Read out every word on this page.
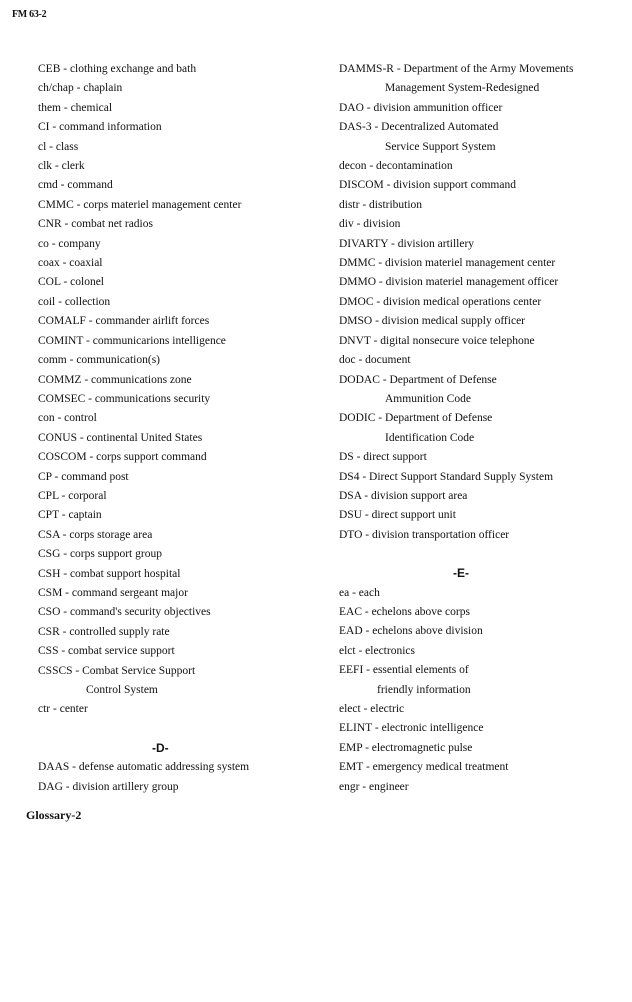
FM 63-2
CEB - clothing exchange and bath
ch/chap - chaplain
them - chemical
CI - command information
cl - class
clk - clerk
cmd - command
CMMC - corps materiel management center
CNR - combat net radios
co - company
coax - coaxial
COL - colonel
coil - collection
COMALF - commander airlift forces
COMINT - communicarions intelligence
comm - communication(s)
COMMZ - communications zone
COMSEC - communications security
con - control
CONUS - continental United States
COSCOM - corps support command
CP - command post
CPL - corporal
CPT - captain
CSA - corps storage area
CSG - corps support group
CSH - combat support hospital
CSM - command sergeant major
CSO - command's security objectives
CSR - controlled supply rate
CSS - combat service support
CSSCS - Combat Service Support
Control System
ctr - center
-D-
DAAS - defense automatic addressing system
DAG - division artillery group
DAMMS-R - Department of the Army Movements
Management System-Redesigned
DAO - division ammunition officer
DAS-3 - Decentralized Automated
Service Support System
decon - decontamination
DISCOM - division support command
distr - distribution
div - division
DIVARTY - division artillery
DMMC - division materiel management center
DMMO - division materiel management officer
DMOC - division medical operations center
DMSO - division medical supply officer
DNVT - digital nonsecure voice telephone
doc - document
DODAC - Department of Defense
Ammunition Code
DODIC - Department of Defense
Identification Code
DS - direct support
DS4 - Direct Support Standard Supply System
DSA - division support area
DSU - direct support unit
DTO - division transportation officer
-E-
ea - each
EAC - echelons above corps
EAD - echelons above division
elct - electronics
EEFI - essential elements of
friendly information
elect - electric
ELINT - electronic intelligence
EMP - electromagnetic pulse
EMT - emergency medical treatment
engr - engineer
Glossary-2
